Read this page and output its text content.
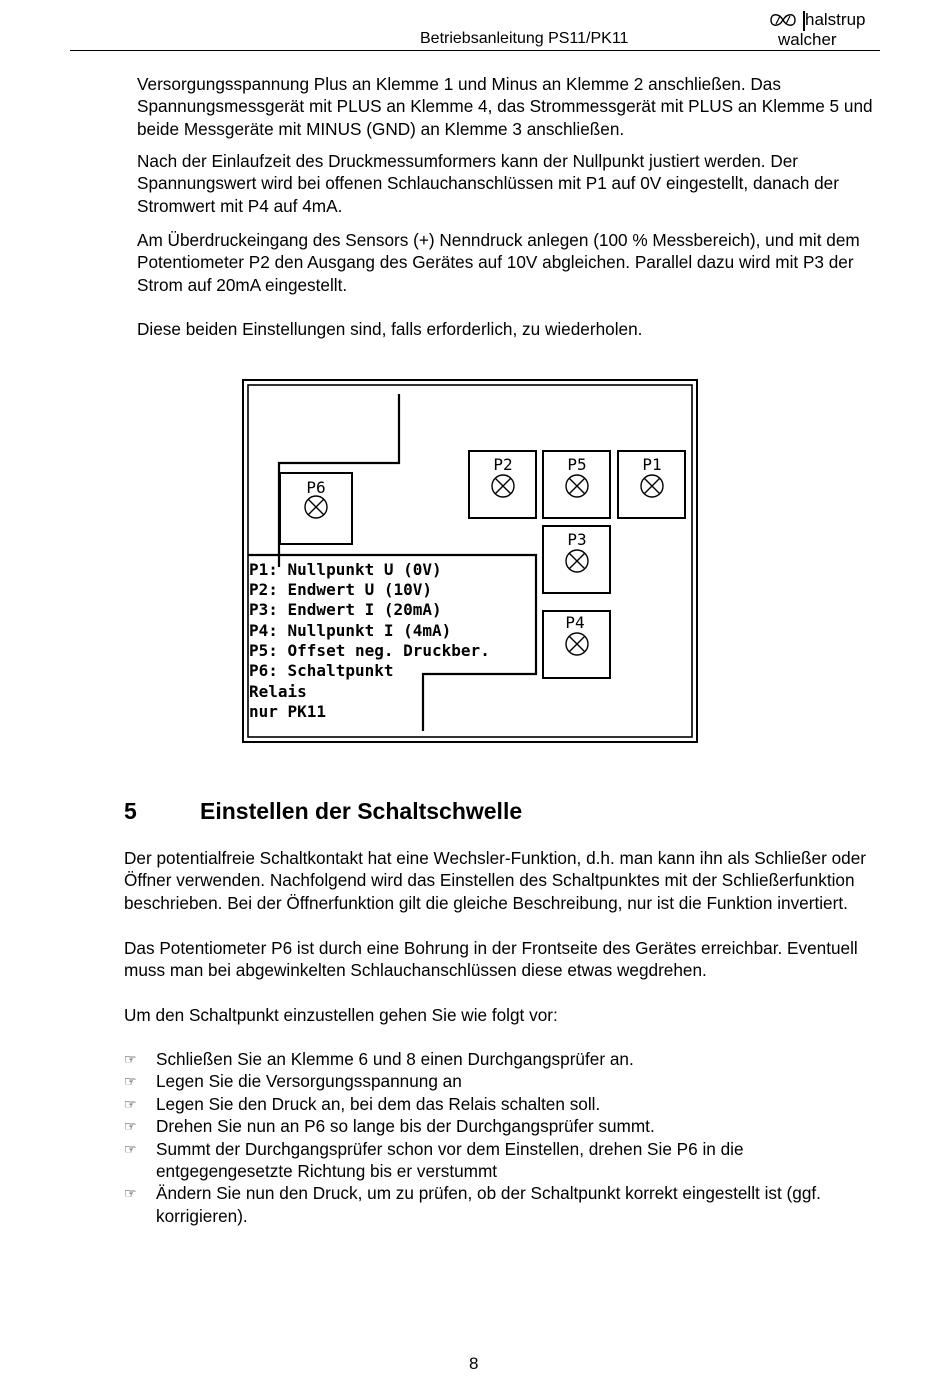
Betriebsanleitung PS11/PK11
halstrup
walcher

Versorgungsspannung Plus an Klemme 1 und Minus an Klemme 2 anschließen. Das Spannungsmessgerät mit PLUS an Klemme 4, das Strommessgerät mit PLUS an Klemme 5 und beide Messgeräte mit MINUS (GND) an Klemme 3 anschließen.

Nach der Einlaufzeit des Druckmessumformers kann der Nullpunkt justiert werden. Der Spannungswert wird bei offenen Schlauchanschlüssen mit P1 auf 0V eingestellt, danach der Stromwert mit P4 auf 4mA.

Am Überdruckeingang des Sensors (+) Nenndruck anlegen (100 % Messbereich), und mit dem Potentiometer P2 den Ausgang des Gerätes auf 10V abgleichen. Parallel dazu wird mit P3 der Strom auf 20mA eingestellt.

Diese beiden Einstellungen sind, falls erforderlich, zu wiederholen.

P6
P2	P5	P1
P3
P4
P1: Nullpunkt U (0V)
P2: Endwert U (10V)
P3: Endwert I (20mA)
P4: Nullpunkt I (4mA)
P5: Offset neg. Druckber.
P6: Schaltpunkt
Relais
nur PK11
5	Einstellen der Schaltschwelle

Der potentialfreie Schaltkontakt hat eine Wechsler-Funktion, d.h. man kann ihn als Schließer oder Öffner verwenden. Nachfolgend wird das Einstellen des Schaltpunktes mit der Schließerfunktion beschrieben. Bei der Öffnerfunktion gilt die gleiche Beschreibung, nur ist die Funktion invertiert.

Das Potentiometer P6 ist durch eine Bohrung in der Frontseite des Gerätes erreichbar. Eventuell muss man bei abgewinkelten Schlauchanschlüssen diese etwas wegdrehen.

Um den Schaltpunkt einzustellen gehen Sie wie folgt vor:

☞ Schließen Sie an Klemme 6 und 8 einen Durchgangsprüfer an.
☞ Legen Sie die Versorgungsspannung an
☞ Legen Sie den Druck an, bei dem das Relais schalten soll.
☞ Drehen Sie nun an P6 so lange bis der Durchgangsprüfer summt.
☞ Summt der Durchgangsprüfer schon vor dem Einstellen, drehen Sie P6 in die entgegengesetzte Richtung bis er verstummt
☞ Ändern Sie nun den Druck, um zu prüfen, ob der Schaltpunkt korrekt eingestellt ist (ggf. korrigieren).
8
